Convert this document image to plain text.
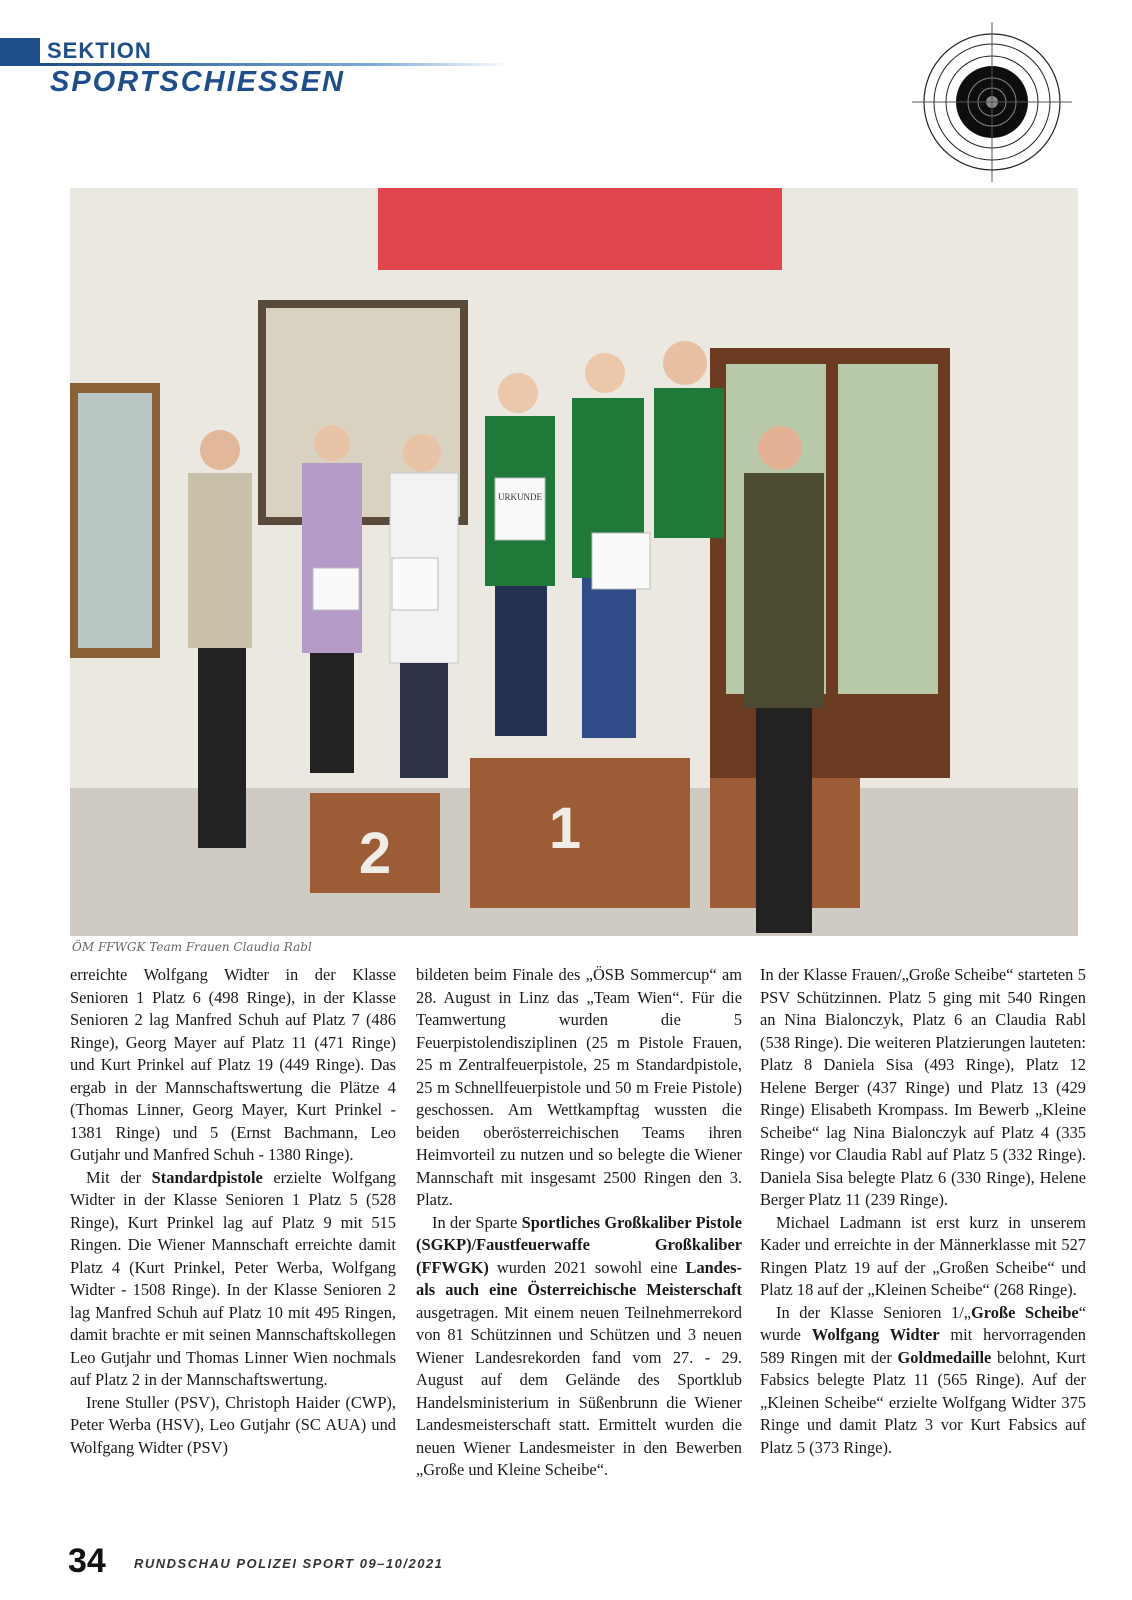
SEKTION
SPORTSCHIESSEN
2	1
URKUNDE
ÖM FFWGK Team Frauen Claudia Rabl

erreichte Wolfgang Widter in der Klasse Senioren 1 Platz 6 (498 Ringe), in der Klasse Senioren 2 lag Manfred Schuh auf Platz 7 (486 Ringe), Georg Mayer auf Platz 11 (471 Ringe) und Kurt Prinkel auf Platz 19 (449 Ringe). Das ergab in der Mannschaftswertung die Plätze 4 (Thomas Linner, Georg Mayer, Kurt Prinkel - 1381 Ringe) und 5 (Ernst Bachmann, Leo Gutjahr und Manfred Schuh - 1380 Ringe).

Mit der Standardpistole erzielte Wolfgang Widter in der Klasse Senioren 1 Platz 5 (528 Ringe), Kurt Prinkel lag auf Platz 9 mit 515 Ringen. Die Wiener Mannschaft erreichte damit Platz 4 (Kurt Prinkel, Peter Werba, Wolfgang Widter - 1508 Ringe). In der Klasse Senioren 2 lag Manfred Schuh auf Platz 10 mit 495 Ringen, damit brachte er mit seinen Mannschaftskollegen Leo Gutjahr und Thomas Linner Wien nochmals auf Platz 2 in der Mannschaftswertung.

Irene Stuller (PSV), Christoph Haider (CWP), Peter Werba (HSV), Leo Gutjahr (SC AUA) und Wolfgang Widter (PSV)

bildeten beim Finale des „ÖSB Sommercup“ am 28. August in Linz das „Team Wien“. Für die Teamwertung wurden die 5 Feuerpistolendisziplinen (25 m Pistole Frauen, 25 m Zentralfeuerpistole, 25 m Standardpistole, 25 m Schnellfeuerpistole und 50 m Freie Pistole) geschossen. Am Wettkampftag wussten die beiden oberösterreichischen Teams ihren Heimvorteil zu nutzen und so belegte die Wiener Mannschaft mit insgesamt 2500 Ringen den 3. Platz.

In der Sparte Sportliches Großkaliber Pistole (SGKP)/Faustfeuerwaffe Großkaliber (FFWGK) wurden 2021 sowohl eine Landes- als auch eine Österreichische Meisterschaft ausgetragen. Mit einem neuen Teilnehmerrekord von 81 Schützinnen und Schützen und 3 neuen Wiener Landesrekorden fand vom 27. - 29. August auf dem Gelände des Sportklub Handelsministerium in Süßenbrunn die Wiener Landesmeisterschaft statt. Ermittelt wurden die neuen Wiener Landesmeister in den Bewerben „Große und Kleine Scheibe“.

In der Klasse Frauen/„Große Scheibe“ starteten 5 PSV Schützinnen. Platz 5 ging mit 540 Ringen an Nina Bialonczyk, Platz 6 an Claudia Rabl (538 Ringe). Die weiteren Platzierungen lauteten: Platz 8 Daniela Sisa (493 Ringe), Platz 12 Helene Berger (437 Ringe) und Platz 13 (429 Ringe) Elisabeth Krompass. Im Bewerb „Kleine Scheibe“ lag Nina Bialonczyk auf Platz 4 (335 Ringe) vor Claudia Rabl auf Platz 5 (332 Ringe). Daniela Sisa belegte Platz 6 (330 Ringe), Helene Berger Platz 11 (239 Ringe).

Michael Ladmann ist erst kurz in unserem Kader und erreichte in der Männerklasse mit 527 Ringen Platz 19 auf der „Großen Scheibe“ und Platz 18 auf der „Kleinen Scheibe“ (268 Ringe).

In der Klasse Senioren 1/„Große Scheibe“ wurde Wolfgang Widter mit hervorragenden 589 Ringen mit der Goldmedaille belohnt, Kurt Fabsics belegte Platz 11 (565 Ringe). Auf der „Kleinen Scheibe“ erzielte Wolfgang Widter 375 Ringe und damit Platz 3 vor Kurt Fabsics auf Platz 5 (373 Ringe).

34 RUNDSCHAU POLIZEI SPORT 09–10/2021
